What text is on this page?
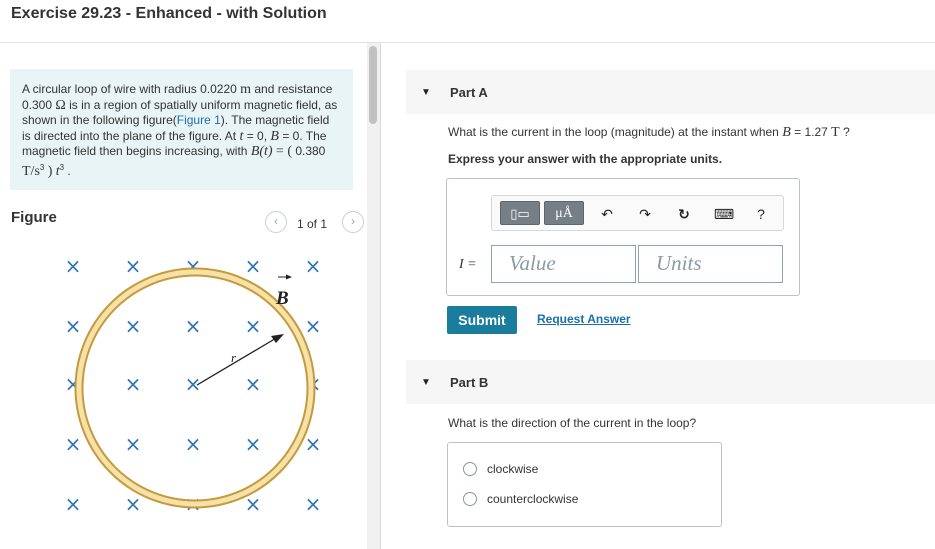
Exercise 29.23 - Enhanced - with Solution
A circular loop of wire with radius 0.0220 m and resistance 0.300 Ω is in a region of spatially uniform magnetic field, as shown in the following figure(Figure 1). The magnetic field is directed into the plane of the figure. At t = 0, B = 0. The magnetic field then begins increasing, with B(t) = ( 0.380 $T/s^3$ ) $t^3$ .
Figure	‹	1 of 1	›
× × × × ×
× × × × ×
× × × × ×
× × × × ×
× × × × ×
r
B
▼ Part A
What is the current in the loop (magnitude) at the instant when B = 1.27 T ?
Express your answer with the appropriate units.
▯▭	μÅ	↶	↷	↻	⌨	?
I =	Value	Units
Submit	Request Answer
▼ Part B
What is the direction of the current in the loop?
clockwise
counterclockwise
